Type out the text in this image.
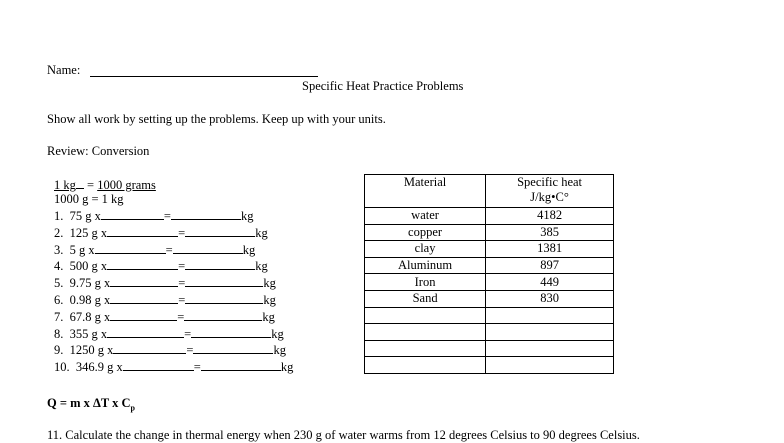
Name:
Specific Heat Practice Problems
Show all work by setting up the problems. Keep up with your units.
Review: Conversion
1 kg = 1000 grams
1000 g = 1 kg
1.  75 g x	=	kg
2.  125 g x	=	kg
3.  5 g x	=	kg
4.  500 g x	=	kg
5.  9.75 g x	=	kg
6.  0.98 g x	=	kg
7.  67.8 g x	=	kg
8.  355 g x	=	kg
9.  1250 g x	=	kg
10.  346.9 g x	=	kg
Material	Specific heat
J/kg•C°
water	4182
copper	385
clay	1381
Aluminum	897
Iron	449
Sand	830

Q = m x ΔT x $C_p$
11. Calculate the change in thermal energy when 230 g of water warms from 12 degrees Celsius to 90 degrees Celsius.
